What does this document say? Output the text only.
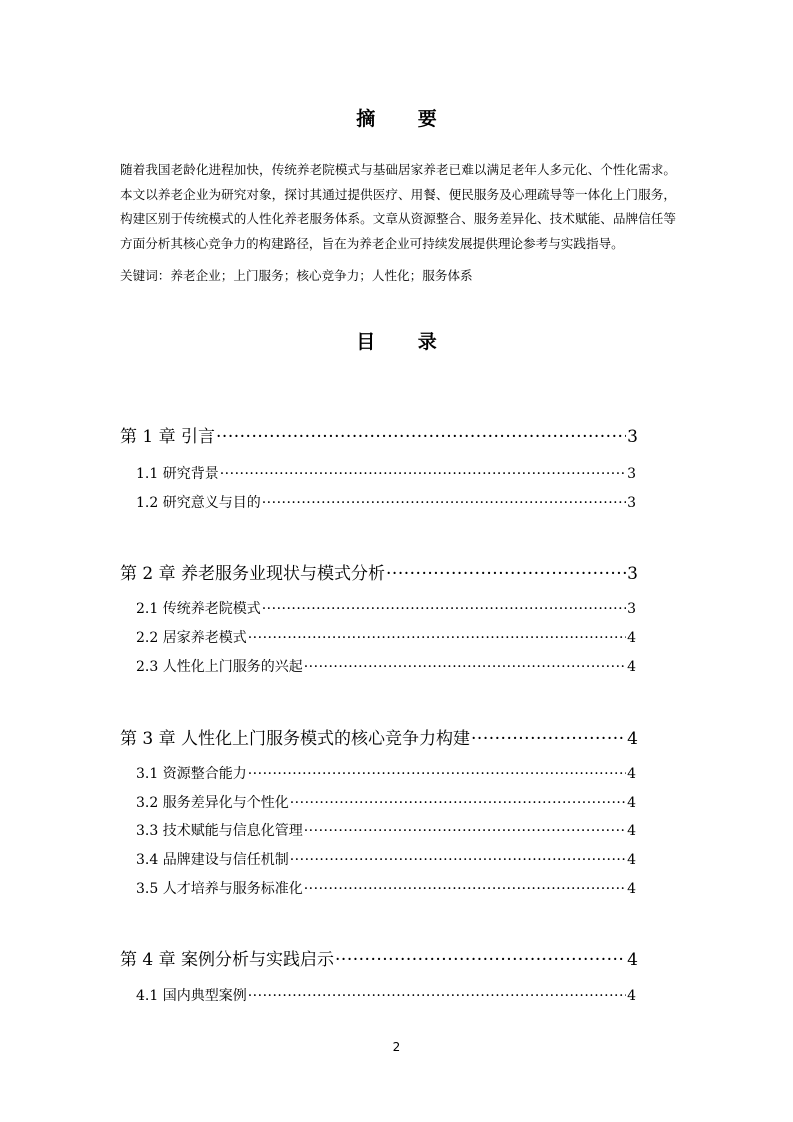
摘 要
随着我国老龄化进程加快，传统养老院模式与基础居家养老已难以满足老年人多元化、个性化需求。本文以养老企业为研究对象，探讨其通过提供医疗、用餐、便民服务及心理疏导等一体化上门服务，构建区别于传统模式的人性化养老服务体系。文章从资源整合、服务差异化、技术赋能、品牌信任等方面分析其核心竞争力的构建路径，旨在为养老企业可持续发展提供理论参考与实践指导。
关键词：养老企业；上门服务；核心竞争力；人性化；服务体系
目 录
第 1 章 引言 ·····	3
1.1 研究背景 ·····	3
1.2 研究意义与目的 ·····	3
第 2 章 养老服务业现状与模式分析 ·····	3
2.1 传统养老院模式 ·····	3
2.2 居家养老模式 ·····	4
2.3 人性化上门服务的兴起 ·····	4
第 3 章 人性化上门服务模式的核心竞争力构建 ·····	4
3.1 资源整合能力 ·····	4
3.2 服务差异化与个性化 ·····	4
3.3 技术赋能与信息化管理 ·····	4
3.4 品牌建设与信任机制 ·····	4
3.5 人才培养与服务标准化 ·····	4
第 4 章 案例分析与实践启示 ·····	4
4.1 国内典型案例 ·····	4
2
